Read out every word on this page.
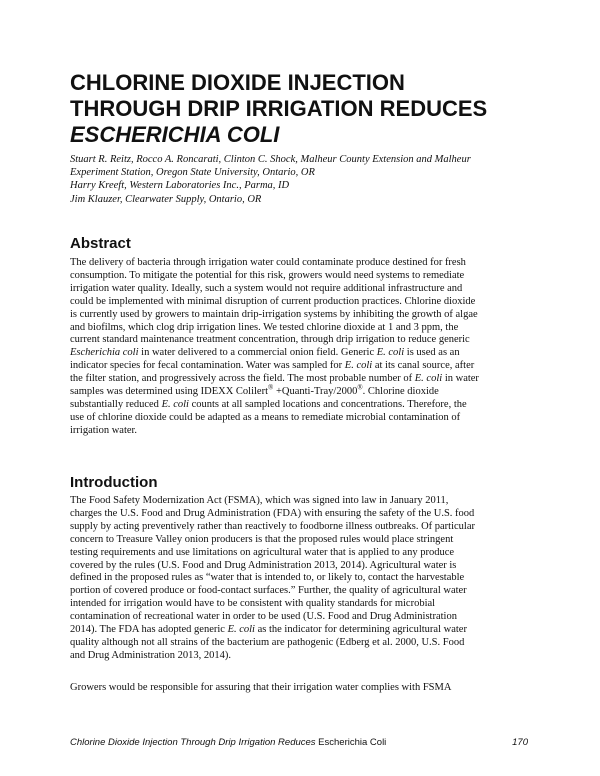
CHLORINE DIOXIDE INJECTION
THROUGH DRIP IRRIGATION REDUCES
ESCHERICHIA COLI
Stuart R. Reitz, Rocco A. Roncarati, Clinton C. Shock, Malheur County Extension and Malheur
Experiment Station, Oregon State University, Ontario, OR
Harry Kreeft, Western Laboratories Inc., Parma, ID
Jim Klauzer, Clearwater Supply, Ontario, OR
Abstract
The delivery of bacteria through irrigation water could contaminate produce destined for fresh
consumption. To mitigate the potential for this risk, growers would need systems to remediate
irrigation water quality. Ideally, such a system would not require additional infrastructure and
could be implemented with minimal disruption of current production practices. Chlorine dioxide
is currently used by growers to maintain drip-irrigation systems by inhibiting the growth of algae
and biofilms, which clog drip irrigation lines. We tested chlorine dioxide at 1 and 3 ppm, the
current standard maintenance treatment concentration, through drip irrigation to reduce generic
Escherichia coli in water delivered to a commercial onion field. Generic E. coli is used as an
indicator species for fecal contamination. Water was sampled for E. coli at its canal source, after
the filter station, and progressively across the field. The most probable number of E. coli in water
samples was determined using IDEXX Colilert® +Quanti-Tray/2000®. Chlorine dioxide
substantially reduced E. coli counts at all sampled locations and concentrations. Therefore, the
use of chlorine dioxide could be adapted as a means to remediate microbial contamination of
irrigation water.
Introduction
The Food Safety Modernization Act (FSMA), which was signed into law in January 2011,
charges the U.S. Food and Drug Administration (FDA) with ensuring the safety of the U.S. food
supply by acting preventively rather than reactively to foodborne illness outbreaks. Of particular
concern to Treasure Valley onion producers is that the proposed rules would place stringent
testing requirements and use limitations on agricultural water that is applied to any produce
covered by the rules (U.S. Food and Drug Administration 2013, 2014). Agricultural water is
defined in the proposed rules as “water that is intended to, or likely to, contact the harvestable
portion of covered produce or food-contact surfaces.” Further, the quality of agricultural water
intended for irrigation would have to be consistent with quality standards for microbial
contamination of recreational water in order to be used (U.S. Food and Drug Administration
2014). The FDA has adopted generic E. coli as the indicator for determining agricultural water
quality although not all strains of the bacterium are pathogenic (Edberg et al. 2000, U.S. Food
and Drug Administration 2013, 2014).
Growers would be responsible for assuring that their irrigation water complies with FSMA
Chlorine Dioxide Injection Through Drip Irrigation Reduces Escherichia Coli	170
